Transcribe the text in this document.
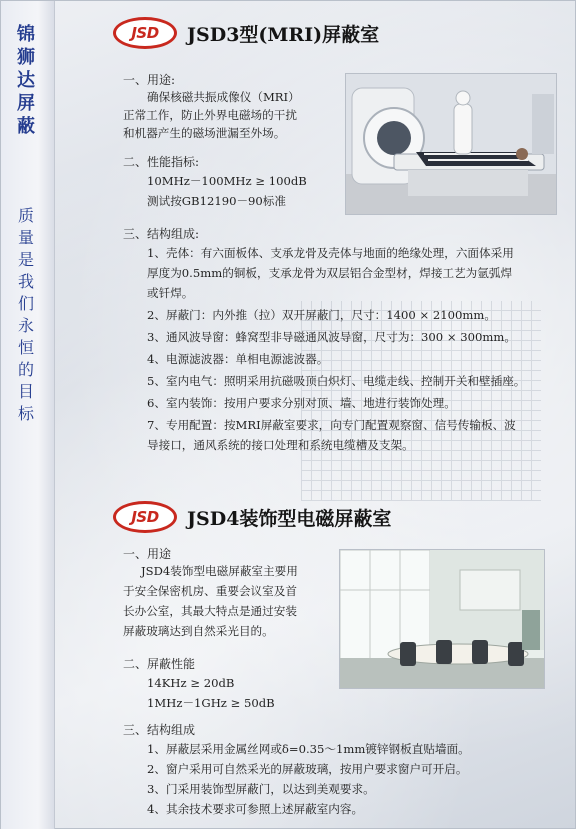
锦
狮
达
屏
蔽
质
量
是
我
们
永
恒
的
目
标
JSD	JSD3型(MRI)屏蔽室
一、用途:
确保核磁共振成像仪（MRI）
正常工作，防止外界电磁场的干扰
和机器产生的磁场泄漏至外场。
二、性能指标:
10MHz－100MHz ≥ 100dB
测试按GB12190－90标准
三、结构组成:
1、壳体：有六面板体、支承龙骨及壳体与地面的绝缘处理，六面体采用
厚度为0.5mm的铜板，支承龙骨为双层铝合金型材，焊接工艺为氩弧焊
或钎焊。
2、屏蔽门：内外推（拉）双开屏蔽门，尺寸：1400 × 2100mm。
3、通风波导窗：蜂窝型非导磁通风波导窗，尺寸为：300 × 300mm。
4、电源滤波器：单相电源滤波器。
5、室内电气：照明采用抗磁吸顶白炽灯、电缆走线、控制开关和壁插座。
6、室内装饰：按用户要求分别对顶、墙、地进行装饰处理。
7、专用配置：按MRI屏蔽室要求，向专门配置观察窗、信号传输板、波
导接口，通风系统的接口处理和系统电缆槽及支架。
JSD	JSD4装饰型电磁屏蔽室
一、用途
JSD4装饰型电磁屏蔽室主要用
于安全保密机房、重要会议室及首
长办公室，其最大特点是通过安装
屏蔽玻璃达到自然采光目的。
二、屏蔽性能
14KHz ≥ 20dB
1MHz－1GHz ≥ 50dB
三、结构组成
1、屏蔽层采用金属丝网或δ=0.35～1mm镀锌钢板直贴墙面。
2、窗户采用可自然采光的屏蔽玻璃，按用户要求窗户可开启。
3、门采用装饰型屏蔽门，以达到美观要求。
4、其余技术要求可参照上述屏蔽室内容。
